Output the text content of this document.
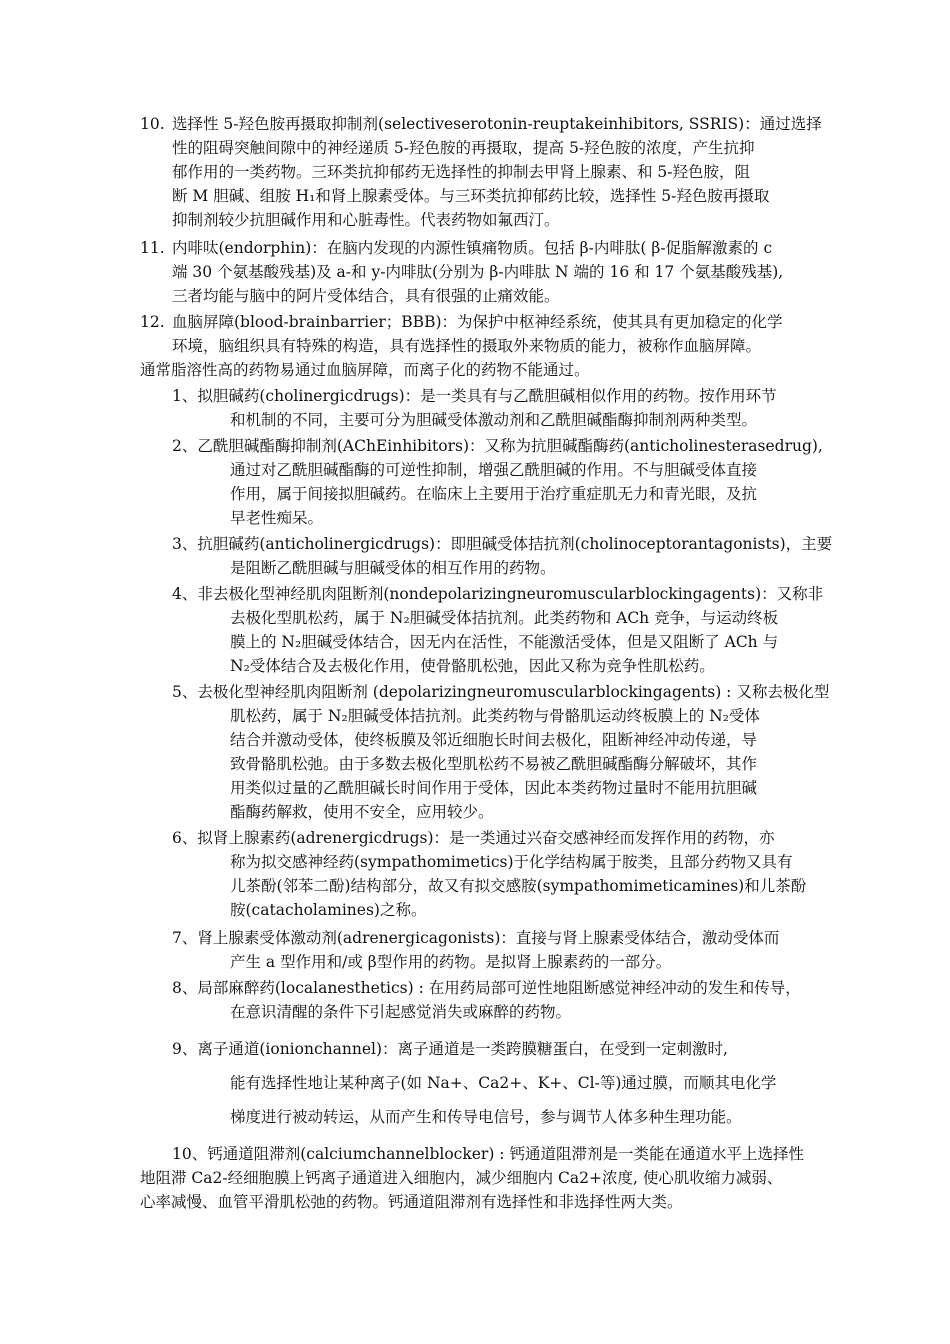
10. 选择性 5-羟色胺再摄取抑制剂(selectiveserotonin-reuptakeinhibitors, SSRIS)：通过选择
性的阻碍突触间隙中的神经递质 5-羟色胺的再摄取，提高 5-羟色胺的浓度，产生抗抑
郁作用的一类药物。三环类抗抑郁药无选择性的抑制去甲肾上腺素、和 5-羟色胺，阻
断 M 胆碱、组胺 H₁和肾上腺素受体。与三环类抗抑郁药比较，选择性 5-羟色胺再摄取
抑制剂较少抗胆碱作用和心脏毒性。代表药物如氟西汀。
11. 内啡呔(endorphin)：在脑内发现的内源性镇痛物质。包括 β-内啡肽( β-促脂解激素的 c
端 30 个氨基酸残基)及 a-和 y-内啡肽(分别为 β-内啡肽 N 端的 16 和 17 个氨基酸残基),
三者均能与脑中的阿片受体结合，具有很强的止痛效能。
12. 血脑屏障(blood-brainbarrier；BBB)：为保护中枢神经系统，使其具有更加稳定的化学
环境，脑组织具有特殊的构造，具有选择性的摄取外来物质的能力，被称作血脑屏障。
通常脂溶性高的药物易通过血脑屏障，而离子化的药物不能通过。
1、拟胆碱药(cholinergicdrugs)：是一类具有与乙酰胆碱相似作用的药物。按作用环节
和机制的不同，主要可分为胆碱受体激动剂和乙酰胆碱酯酶抑制剂两种类型。
2、乙酰胆碱酯酶抑制剂(AChEinhibitors)：又称为抗胆碱酯酶药(anticholinesterasedrug),
通过对乙酰胆碱酯酶的可逆性抑制，增强乙酰胆碱的作用。不与胆碱受体直接
作用，属于间接拟胆碱药。在临床上主要用于治疗重症肌无力和青光眼，及抗
早老性痴呆。
3、抗胆碱药(anticholinergicdrugs)：即胆碱受体拮抗剂(cholinoceptorantagonists)，主要
是阻断乙酰胆碱与胆碱受体的相互作用的药物。
4、非去极化型神经肌肉阻断剂(nondepolarizingneuromuscularblockingagents)：又称非
去极化型肌松药，属于 N₂胆碱受体拮抗剂。此类药物和 ACh 竞争，与运动终板
膜上的 N₂胆碱受体结合，因无内在活性，不能激活受体，但是又阻断了 ACh 与
N₂受体结合及去极化作用，使骨骼肌松弛，因此又称为竞争性肌松药。
5、去极化型神经肌肉阻断剂 (depolarizingneuromuscularblockingagents) : 又称去极化型
肌松药，属于 N₂胆碱受体拮抗剂。此类药物与骨骼肌运动终板膜上的 N₂受体
结合并激动受体，使终板膜及邻近细胞长时间去极化，阻断神经冲动传递，导
致骨骼肌松弛。由于多数去极化型肌松药不易被乙酰胆碱酯酶分解破坏，其作
用类似过量的乙酰胆碱长时间作用于受体，因此本类药物过量时不能用抗胆碱
酯酶药解救，使用不安全，应用较少。
6、拟肾上腺素药(adrenergicdrugs)：是一类通过兴奋交感神经而发挥作用的药物，亦
称为拟交感神经药(sympathomimetics)于化学结构属于胺类，且部分药物又具有
儿茶酚(邻苯二酚)结构部分，故又有拟交感胺(sympathomimeticamines)和儿茶酚
胺(catacholamines)之称。
7、肾上腺素受体激动剂(adrenergicagonists)：直接与肾上腺素受体结合，激动受体而
产生 a 型作用和/或 β型作用的药物。是拟肾上腺素药的一部分。
8、局部麻醉药(localanesthetics) : 在用药局部可逆性地阻断感觉神经冲动的发生和传导，
在意识清醒的条件下引起感觉消失或麻醉的药物。
9、离子通道(ionionchannel)：离子通道是一类跨膜糖蛋白，在受到一定刺激时,
能有选择性地让某种离子(如 Na+、Ca2+、K+、Cl-等)通过膜，而顺其电化学
梯度进行被动转运，从而产生和传导电信号，参与调节人体多种生理功能。
10、钙通道阻滞剂(calciumchannelblocker) : 钙通道阻滞剂是一类能在通道水平上选择性
地阻滞 Ca2-经细胞膜上钙离子通道进入细胞内，减少细胞内 Ca2+浓度, 使心肌收缩力减弱、
心率减慢、血管平滑肌松弛的药物。钙通道阻滞剂有选择性和非选择性两大类。
